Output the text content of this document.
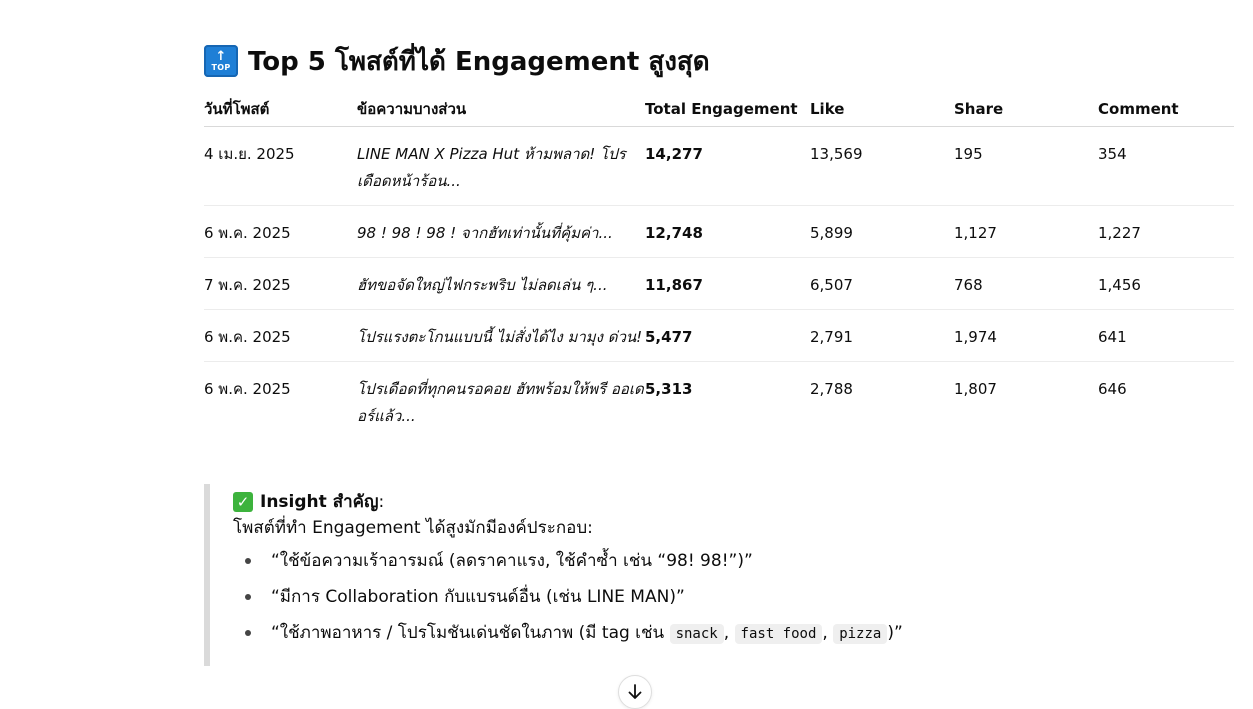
↑
TOP Top 5 โพสต์ที่ได้ Engagement สูงสุด
วันที่โพสต์	ข้อความบางส่วน	Total Engagement	Like	Share	Comment
4 เม.ย. 2025	LINE MAN X Pizza Hut ห้ามพลาด! โปรเดือดหน้าร้อน...	14,277	13,569	195	354
6 พ.ค. 2025	98 ! 98 ! 98 ! จากฮัทเท่านั้นที่คุ้มค่า...	12,748	5,899	1,127	1,227
7 พ.ค. 2025	ฮัทขอจัดใหญ่ไฟกระพริบ ไม่ลดเล่น ๆ...	11,867	6,507	768	1,456
6 พ.ค. 2025	โปรแรงตะโกนแบบนี้ ไม่สั่งได้ไง มามุง ด่วน!	5,477	2,791	1,974	641
6 พ.ค. 2025	โปรเดือดที่ทุกคนรอคอย ฮัทพร้อมให้พรี ออเดอร์แล้ว...	5,313	2,788	1,807	646
✓ Insight สำคัญ :
โพสต์ที่ทำ Engagement ได้สูงมักมีองค์ประกอบ:
“ใช้ข้อความเร้าอารมณ์ (ลดราคาแรง, ใช้คำซ้ำ เช่น “98! 98!”)”
“มีการ Collaboration กับแบรนด์อื่น (เช่น LINE MAN)”
“ใช้ภาพอาหาร / โปรโมชันเด่นชัดในภาพ (มี tag เช่น snack , fast food , pizza )”
